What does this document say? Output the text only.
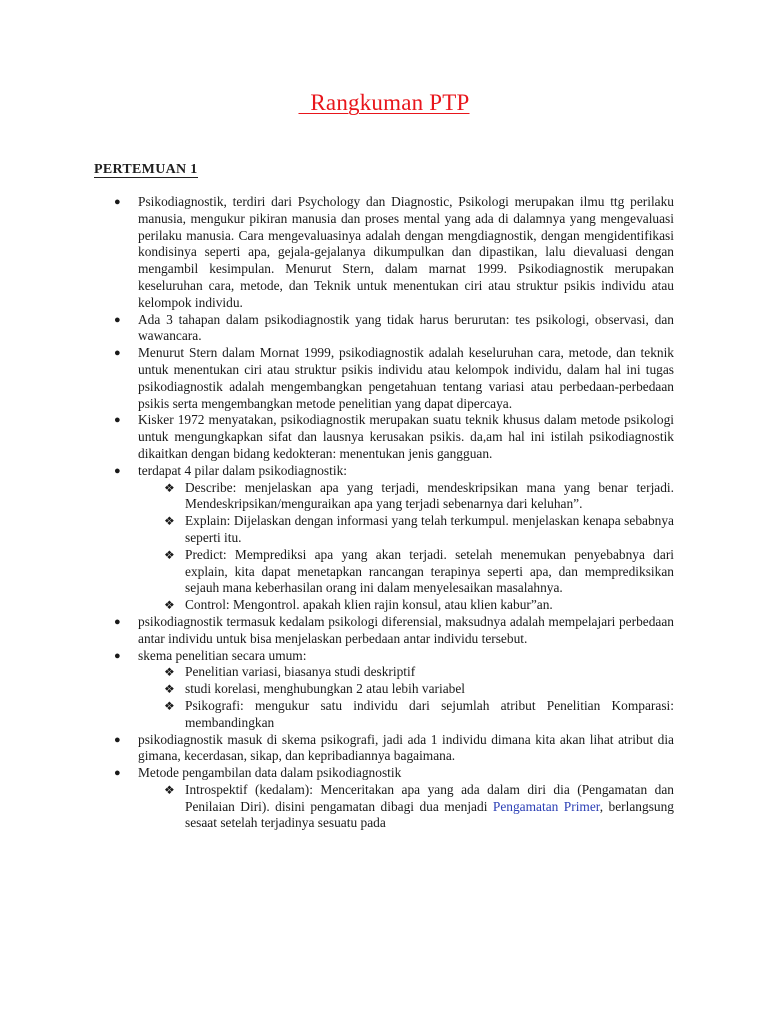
Rangkuman PTP
PERTEMUAN 1
● Psikodiagnostik, terdiri dari Psychology dan Diagnostic, Psikologi merupakan ilmu ttg perilaku manusia, mengukur pikiran manusia dan proses mental yang ada di dalamnya yang mengevaluasi perilaku manusia. Cara mengevaluasinya adalah dengan mengdiagnostik, dengan mengidentifikasi kondisinya seperti apa, gejala-gejalanya dikumpulkan dan dipastikan, lalu dievaluasi dengan mengambil kesimpulan. Menurut Stern, dalam marnat 1999. Psikodiagnostik merupakan keseluruhan cara, metode, dan Teknik untuk menentukan ciri atau struktur psikis individu atau kelompok individu.
● Ada 3 tahapan dalam psikodiagnostik yang tidak harus berurutan: tes psikologi, observasi, dan wawancara.
● Menurut Stern dalam Mornat 1999, psikodiagnostik adalah keseluruhan cara, metode, dan teknik untuk menentukan ciri atau struktur psikis individu atau kelompok individu, dalam hal ini tugas psikodiagnostik adalah mengembangkan pengetahuan tentang variasi atau perbedaan-perbedaan psikis serta mengembangkan metode penelitian yang dapat dipercaya.
● Kisker 1972 menyatakan, psikodiagnostik merupakan suatu teknik khusus dalam metode psikologi untuk mengungkapkan sifat dan lausnya kerusakan psikis. da,am hal ini istilah psikodiagnostik dikaitkan dengan bidang kedokteran: menentukan jenis gangguan.
● terdapat 4 pilar dalam psikodiagnostik:
❖ Describe: menjelaskan apa yang terjadi, mendeskripsikan mana yang benar terjadi. Mendeskripsikan/menguraikan apa yang terjadi sebenarnya dari keluhan”.
❖ Explain: Dijelaskan dengan informasi yang telah terkumpul. menjelaskan kenapa sebabnya seperti itu.
❖ Predict: Memprediksi apa yang akan terjadi. setelah menemukan penyebabnya dari explain, kita dapat menetapkan rancangan terapinya seperti apa, dan memprediksikan sejauh mana keberhasilan orang ini dalam menyelesaikan masalahnya.
❖ Control: Mengontrol. apakah klien rajin konsul, atau klien kabur”an.
● psikodiagnostik termasuk kedalam psikologi diferensial, maksudnya adalah mempelajari perbedaan antar individu untuk bisa menjelaskan perbedaan antar individu tersebut.
● skema penelitian secara umum:
❖ Penelitian variasi, biasanya studi deskriptif
❖ studi korelasi, menghubungkan 2 atau lebih variabel
❖ Psikografi: mengukur satu individu dari sejumlah atribut Penelitian Komparasi: membandingkan
● psikodiagnostik masuk di skema psikografi, jadi ada 1 individu dimana kita akan lihat atribut dia gimana, kecerdasan, sikap, dan kepribadiannya bagaimana.
● Metode pengambilan data dalam psikodiagnostik
❖ Introspektif (kedalam): Menceritakan apa yang ada dalam diri dia (Pengamatan dan Penilaian Diri). disini pengamatan dibagi dua menjadi Pengamatan Primer, berlangsung sesaat setelah terjadinya sesuatu pada
